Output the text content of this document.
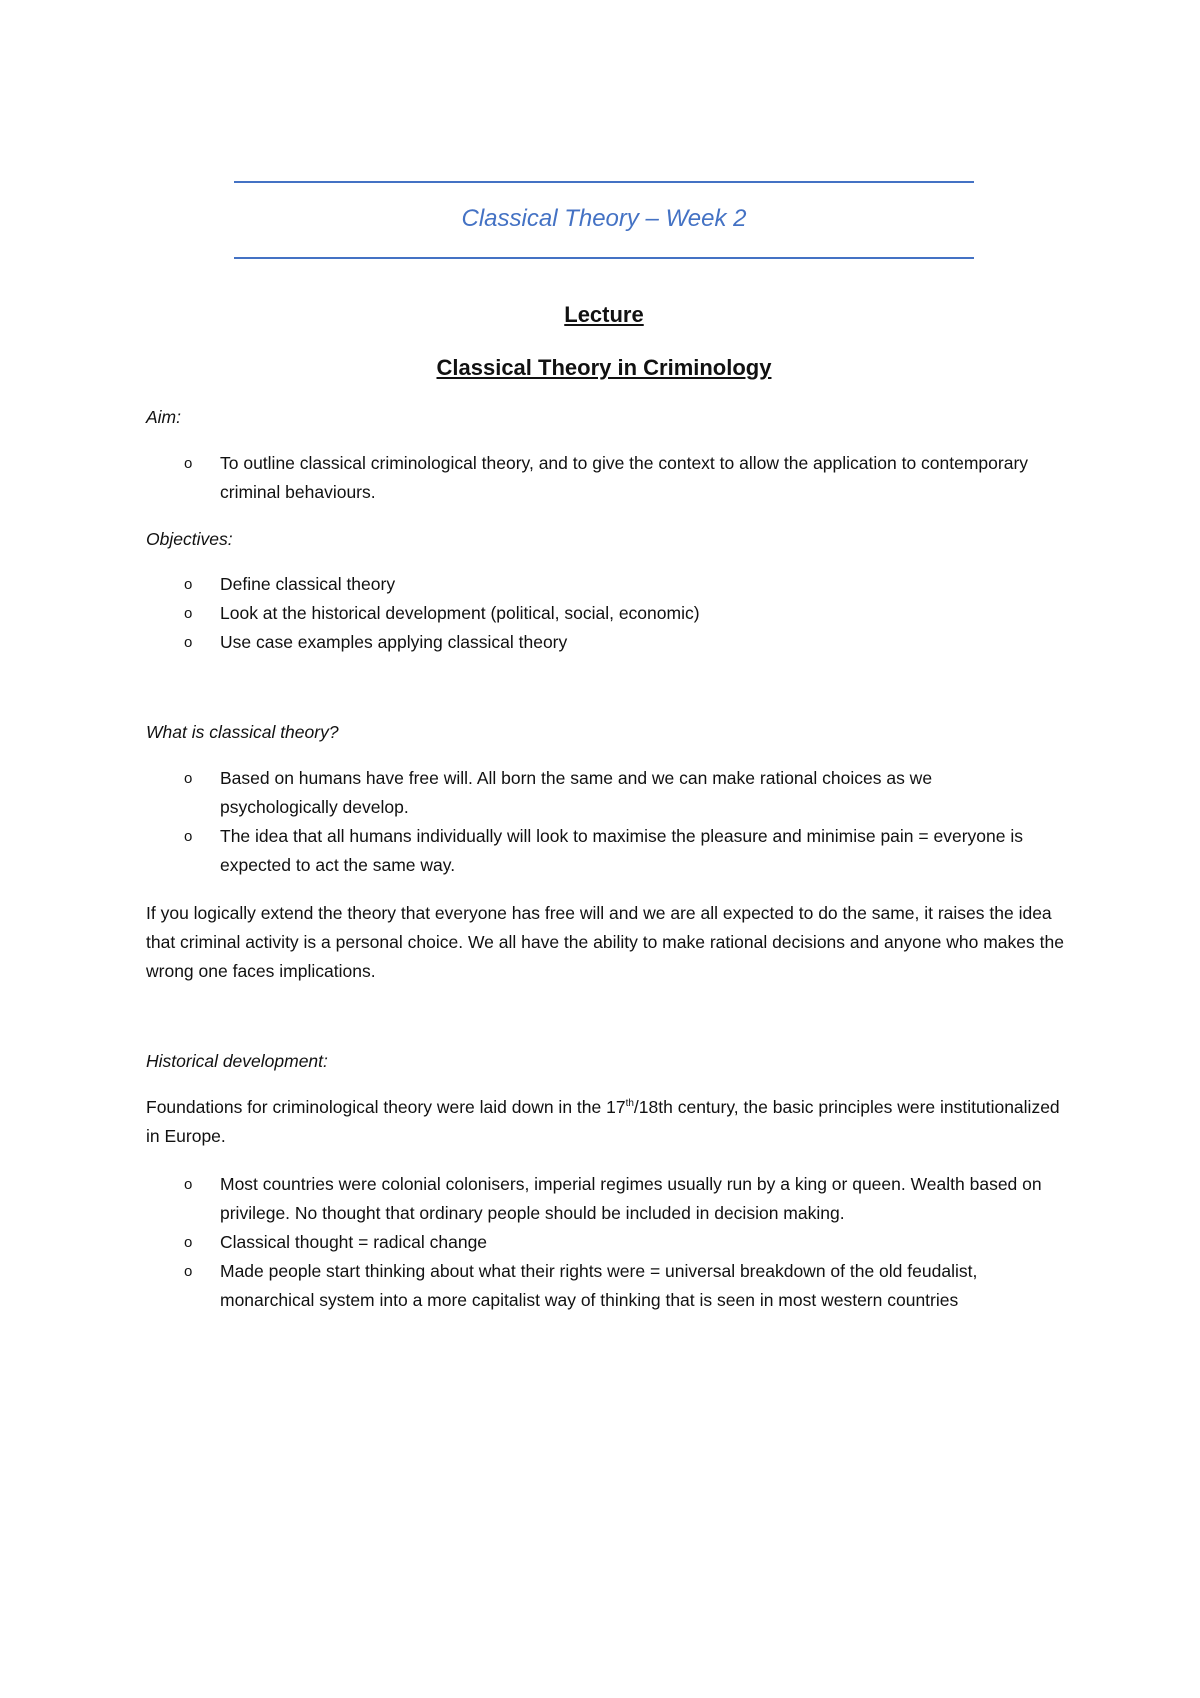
Classical Theory – Week 2
Lecture
Classical Theory in Criminology
Aim:
o To outline classical criminological theory, and to give the context to allow the application to contemporary criminal behaviours.
Objectives:
o Define classical theory
o Look at the historical development (political, social, economic)
o Use case examples applying classical theory
What is classical theory?
o Based on humans have free will. All born the same and we can make rational choices as we psychologically develop.
o The idea that all humans individually will look to maximise the pleasure and minimise pain = everyone is expected to act the same way.

If you logically extend the theory that everyone has free will and we are all expected to do the same, it raises the idea that criminal activity is a personal choice. We all have the ability to make rational decisions and anyone who makes the wrong one faces implications.

Historical development:

Foundations for criminological theory were laid down in the 17th/18th century, the basic principles were institutionalized in Europe.

o Most countries were colonial colonisers, imperial regimes usually run by a king or queen. Wealth based on privilege. No thought that ordinary people should be included in decision making.
o Classical thought = radical change
o Made people start thinking about what their rights were = universal breakdown of the old feudalist, monarchical system into a more capitalist way of thinking that is seen in most western countries
